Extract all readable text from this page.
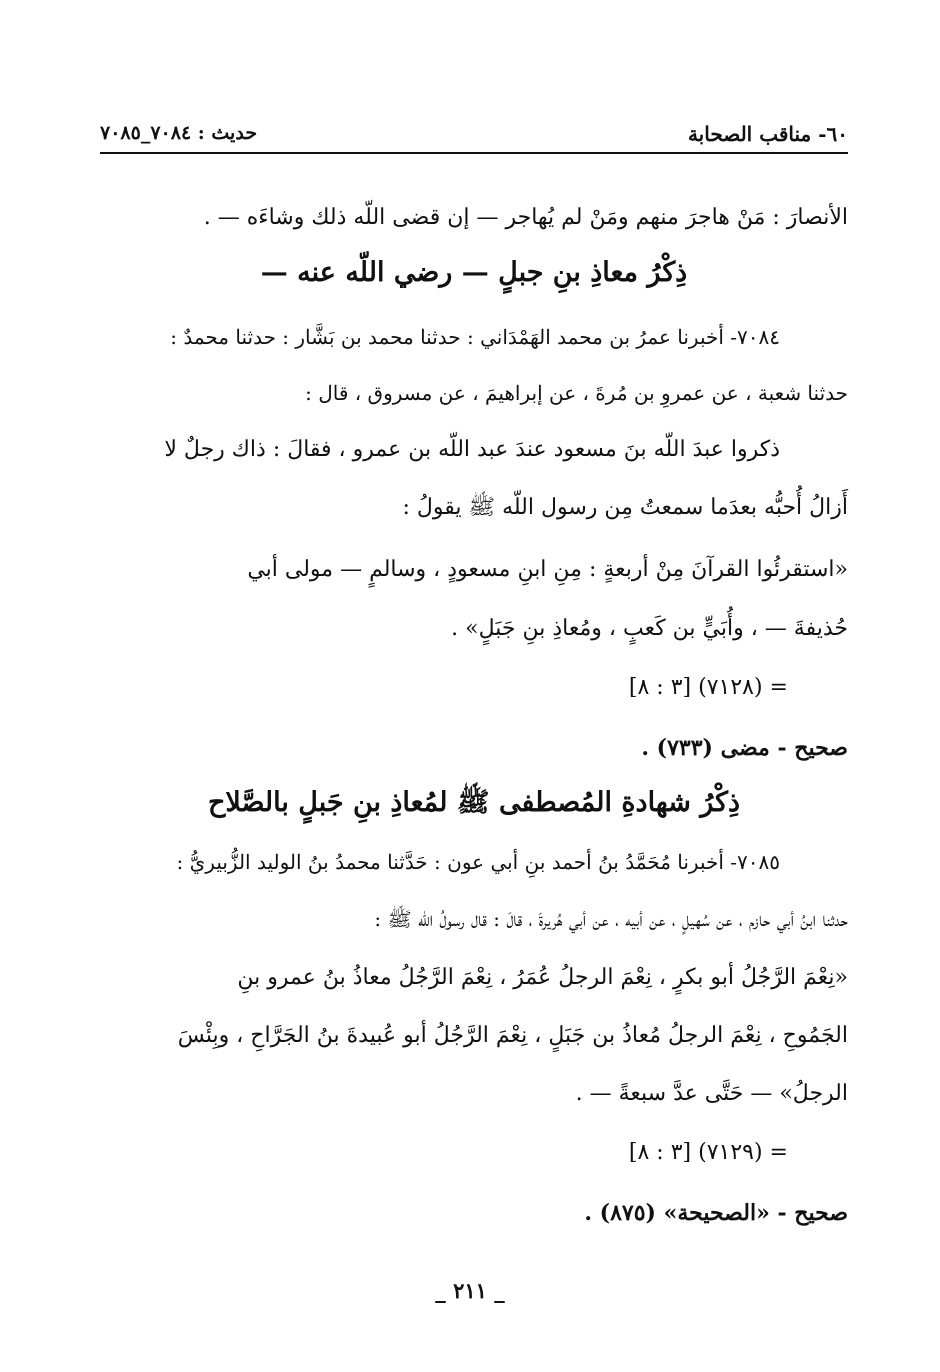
٦٠- مناقب الصحابة
حديث : ٧٠٨٤_٧٠٨٥
الأنصارَ : مَنْ هاجرَ منهم ومَنْ لم يُهاجر — إن قضى اللّه ذلك وشاءَه — .
ذِكْرُ معاذِ بنِ جبلٍ — رضي اللّه عنه —
٧٠٨٤- أخبرنا عمرُ بن محمد الهَمْدَاني : حدثنا محمد بن بَشَّار : حدثنا محمدٌ :
حدثنا شعبة ، عن عمروِ بن مُرةَ ، عن إبراهيمَ ، عن مسروق ، قال :
ذكروا عبدَ اللّه بنَ مسعود عندَ عبد اللّه بن عمرو ، فقالَ : ذاك رجلٌ لا
أَزالُ أُحبُّه بعدَما سمعتُ مِن رسول اللّه ﷺ يقولُ :
«استقرئُوا القرآنَ مِنْ أربعةٍ : مِنِ ابنِ مسعودٍ ، وسالمٍ — مولى أبي
حُذيفةَ — ، وأُبَيٍّ بن كَعبٍ ، ومُعاذِ بنِ جَبَلٍ» .
= (٧١٢٨) [٣ : ٨]
صحيح - مضى (٧٣٣) .
ذِكْرُ شهادةِ المُصطفى ﷺ لمُعاذِ بنِ جَبلٍ بالصَّلاح
٧٠٨٥- أخبرنا مُحَمَّدُ بنُ أحمد بنِ أبي عون : حَدَّثنا محمدُ بنُ الوليد الزُّبيريُّ :
حدثنا ابنُ أبي حازم ، عن سُهيلٍ ، عن أبيه ، عن أبي هُريرةَ ، قالَ : قال رسولُ اللّه ﷺ :
«نِعْمَ الرَّجُلُ أبو بكرٍ ، نِعْمَ الرجلُ عُمَرُ ، نِعْمَ الرَّجُلُ معاذُ بنُ عمرو بنِ
الجَمُوحِ ، نِعْمَ الرجلُ مُعاذُ بن جَبَلٍ ، نِعْمَ الرَّجُلُ أبو عُبيدةَ بنُ الجَرَّاحِ ، وبِئْسَ
الرجلُ» — حَتَّى عدَّ سبعةً — .
= (٧١٢٩) [٣ : ٨]
صحيح - «الصحيحة» (٨٧٥) .
_ ٢١١ _
